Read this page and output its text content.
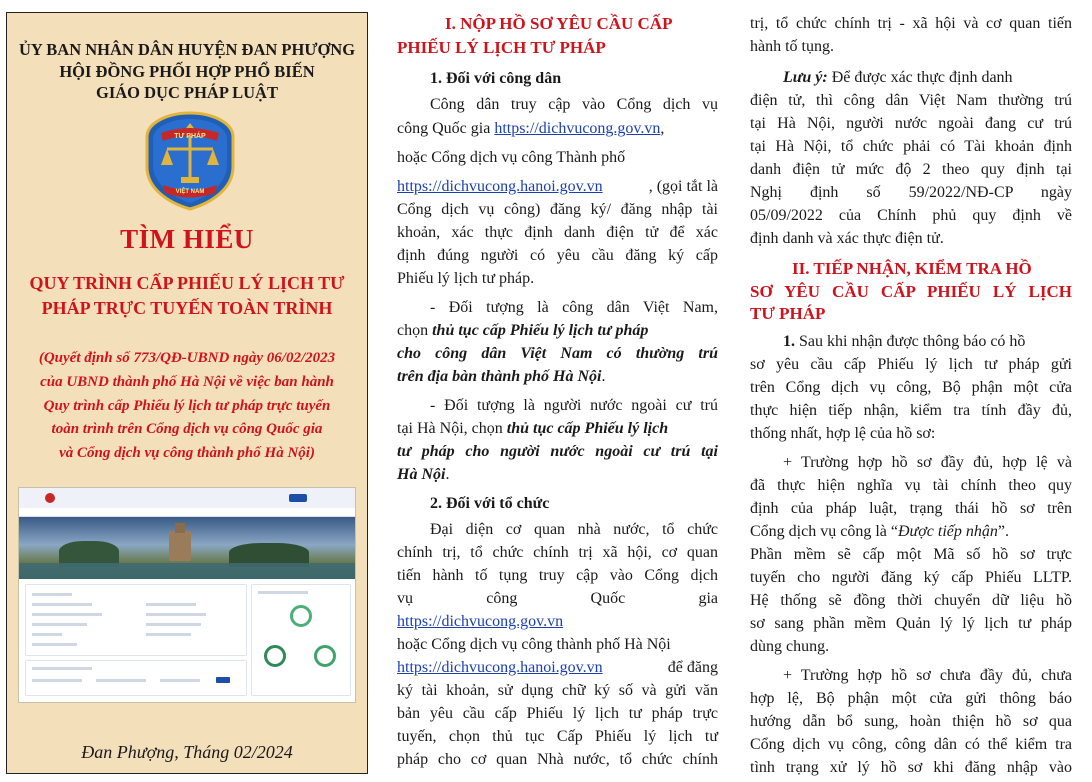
ỦY BAN NHÂN DÂN HUYỆN ĐAN PHƯỢNG
HỘI ĐỒNG PHỐI HỢP PHỔ BIẾN
GIÁO DỤC PHÁP LUẬT
TƯ PHÁP
VIỆT NAM
TÌM HIỂU
QUY TRÌNH CẤP PHIẾU LÝ LỊCH TƯ
PHÁP TRỰC TUYẾN TOÀN TRÌNH
(Quyết định số 773/QĐ-UBND ngày 06/02/2023
của UBND thành phố Hà Nội về việc ban hành
Quy trình cấp Phiếu lý lịch tư pháp trực tuyến
toàn trình trên Cổng dịch vụ công Quốc gia
và Cổng dịch vụ công thành phố Hà Nội)
Đan Phượng, Tháng 02/2024
I. NỘP HỒ SƠ YÊU CẦU CẤP
PHIẾU LÝ LỊCH TƯ PHÁP
1. Đối với công dân
Công dân truy cập vào Cổng dịch vụ
công Quốc gia https://dichvucong.gov.vn,
hoặc Cổng dịch vụ công Thành phố
https://dichvucong.hanoi.gov.vn	, (gọi tắt là
Cổng dịch vụ công) đăng ký/ đăng nhập tài
khoản, xác thực định danh điện tử để xác
định đúng người có yêu cầu đăng ký cấp
Phiếu lý lịch tư pháp.
- Đối tượng là công dân Việt Nam,
chọn thủ tục cấp Phiếu lý lịch tư pháp
cho công dân Việt Nam có thường trú
trên địa bàn thành phố Hà Nội.
- Đối tượng là người nước ngoài cư trú
tại Hà Nội, chọn thủ tục cấp Phiếu lý lịch
tư pháp cho người nước ngoài cư trú tại
Hà Nội.
2. Đối với tổ chức
Đại diện cơ quan nhà nước, tổ chức
chính trị, tổ chức chính trị xã hội, cơ quan
tiến hành tố tụng truy cập vào Cổng dịch
vụ công Quốc gia
https://dichvucong.gov.vn
hoặc Cổng dịch vụ công thành phố Hà Nội
https://dichvucong.hanoi.gov.vn	để đăng
ký tài khoản, sử dụng chữ ký số và gửi văn
bản yêu cầu cấp Phiếu lý lịch tư pháp trực
tuyến, chọn thủ tục Cấp Phiếu lý lịch tư
pháp cho cơ quan Nhà nước, tổ chức chính
trị, tổ chức chính trị - xã hội và cơ quan tiến
hành tố tụng.
Lưu ý: Để được xác thực định danh
điện tử, thì công dân Việt Nam thường trú
tại Hà Nội, người nước ngoài đang cư trú
tại Hà Nội, tổ chức phải có Tài khoản định
danh điện tử mức độ 2 theo quy định tại
Nghị định số 59/2022/NĐ-CP ngày
05/09/2022 của Chính phủ quy định về
định danh và xác thực điện tử.
II. TIẾP NHẬN, KIỂM TRA HỒ
SƠ YÊU CẦU CẤP PHIẾU LÝ LỊCH
TƯ PHÁP
1. Sau khi nhận được thông báo có hồ
sơ yêu cầu cấp Phiếu lý lịch tư pháp gửi
trên Cổng dịch vụ công, Bộ phận một cửa
thực hiện tiếp nhận, kiểm tra tính đầy đủ,
thống nhất, hợp lệ của hồ sơ:
+ Trường hợp hồ sơ đầy đủ, hợp lệ và
đã thực hiện nghĩa vụ tài chính theo quy
định của pháp luật, trạng thái hồ sơ trên
Cổng dịch vụ công là “Được tiếp nhận”.
Phần mềm sẽ cấp một Mã số hồ sơ trực
tuyến cho người đăng ký cấp Phiếu LLTP.
Hệ thống sẽ đồng thời chuyển dữ liệu hồ
sơ sang phần mềm Quản lý lý lịch tư pháp
dùng chung.
+ Trường hợp hồ sơ chưa đầy đủ, chưa
hợp lệ, Bộ phận một cửa gửi thông báo
hướng dẫn bổ sung, hoàn thiện hồ sơ qua
Cổng dịch vụ công, công dân có thể kiểm tra
tình trạng xử lý hồ sơ khi đăng nhập vào
